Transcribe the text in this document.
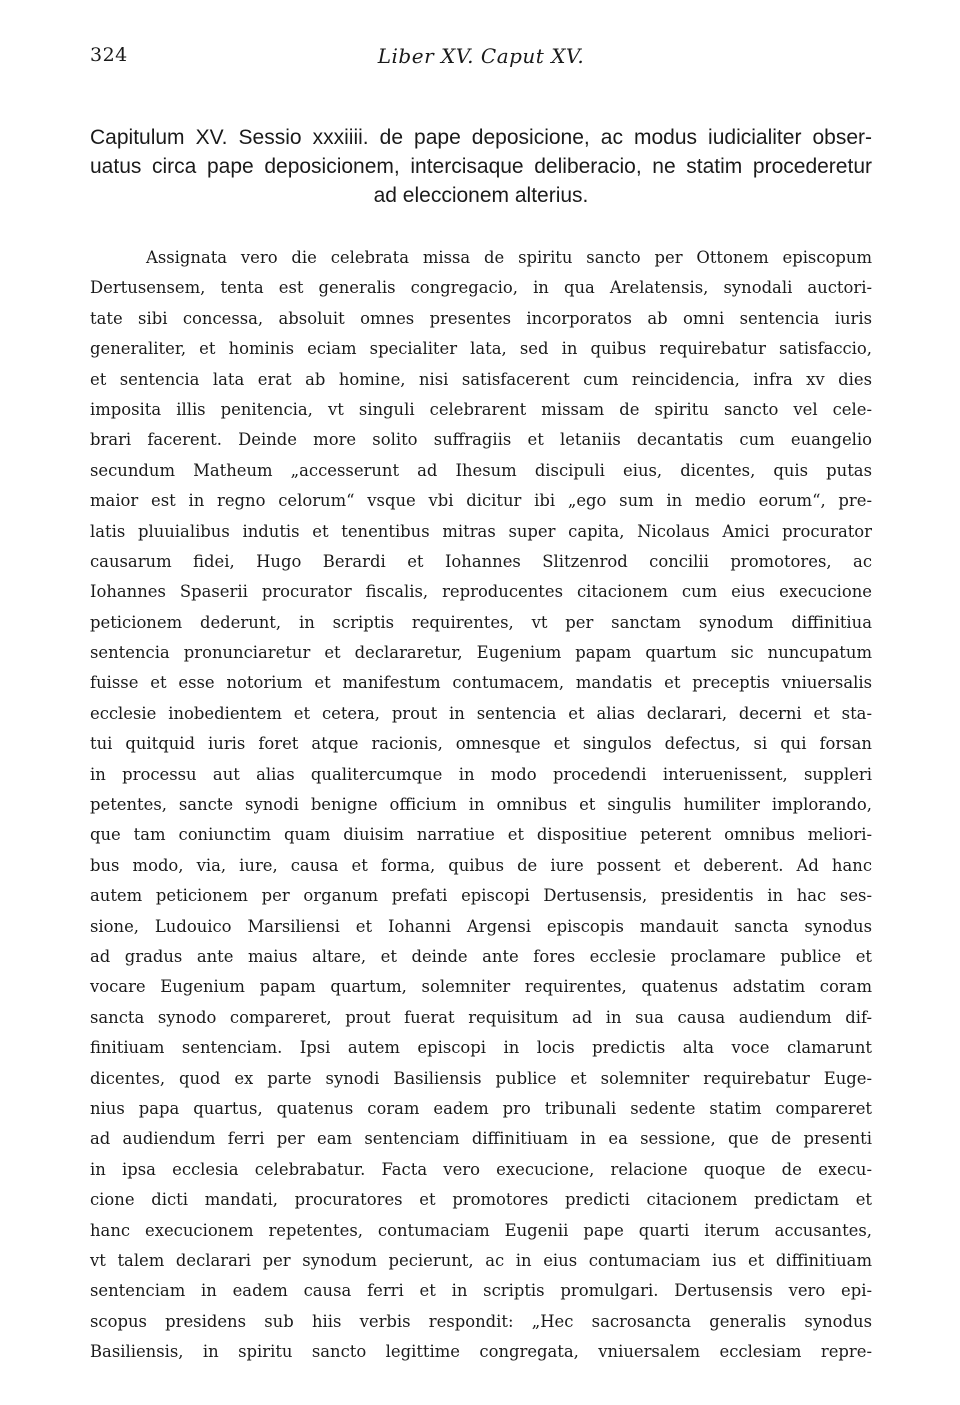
324	Liber XV. Caput XV.
Capitulum XV. Sessio xxxiiii. de pape deposicione, ac modus iudicialiter obser-
uatus circa pape deposicionem, intercisaque deliberacio, ne statim procederetur
ad eleccionem alterius.
Assignata vero die celebrata missa de spiritu sancto per Ottonem episcopum
Dertusensem, tenta est generalis congregacio, in qua Arelatensis, synodali auctori-
tate sibi concessa, absoluit omnes presentes incorporatos ab omni sentencia iuris
generaliter, et hominis eciam specialiter lata, sed in quibus requirebatur satisfaccio,
et sentencia lata erat ab homine, nisi satisfacerent cum reincidencia, infra xv dies
imposita illis penitencia, vt singuli celebrarent missam de spiritu sancto vel cele-
brari facerent. Deinde more solito suffragiis et letaniis decantatis cum euangelio
secundum Matheum „accesserunt ad Ihesum discipuli eius, dicentes, quis putas
maior est in regno celorum“ vsque vbi dicitur ibi „ego sum in medio eorum“, pre-
latis pluuialibus indutis et tenentibus mitras super capita, Nicolaus Amici procurator
causarum fidei, Hugo Berardi et Iohannes Slitzenrod concilii promotores, ac
Iohannes Spaserii procurator fiscalis, reproducentes citacionem cum eius execucione
peticionem dederunt, in scriptis requirentes, vt per sanctam synodum diffinitiua
sentencia pronunciaretur et declararetur, Eugenium papam quartum sic nuncupatum
fuisse et esse notorium et manifestum contumacem, mandatis et preceptis vniuersalis
ecclesie inobedientem et cetera, prout in sentencia et alias declarari, decerni et sta-
tui quitquid iuris foret atque racionis, omnesque et singulos defectus, si qui forsan
in processu aut alias qualitercumque in modo procedendi interuenissent, suppleri
petentes, sancte synodi benigne officium in omnibus et singulis humiliter implorando,
que tam coniunctim quam diuisim narratiue et dispositiue peterent omnibus meliori-
bus modo, via, iure, causa et forma, quibus de iure possent et deberent. Ad hanc
autem peticionem per organum prefati episcopi Dertusensis, presidentis in hac ses-
sione, Ludouico Marsiliensi et Iohanni Argensi episcopis mandauit sancta synodus
ad gradus ante maius altare, et deinde ante fores ecclesie proclamare publice et
vocare Eugenium papam quartum, solemniter requirentes, quatenus adstatim coram
sancta synodo compareret, prout fuerat requisitum ad in sua causa audiendum dif-
finitiuam sentenciam. Ipsi autem episcopi in locis predictis alta voce clamarunt
dicentes, quod ex parte synodi Basiliensis publice et solemniter requirebatur Euge-
nius papa quartus, quatenus coram eadem pro tribunali sedente statim compareret
ad audiendum ferri per eam sentenciam diffinitiuam in ea sessione, que de presenti
in ipsa ecclesia celebrabatur. Facta vero execucione, relacione quoque de execu-
cione dicti mandati, procuratores et promotores predicti citacionem predictam et
hanc execucionem repetentes, contumaciam Eugenii pape quarti iterum accusantes,
vt talem declarari per synodum pecierunt, ac in eius contumaciam ius et diffinitiuam
sentenciam in eadem causa ferri et in scriptis promulgari. Dertusensis vero epi-
scopus presidens sub hiis verbis respondit: „Hec sacrosancta generalis synodus
Basiliensis, in spiritu sancto legittime congregata, vniuersalem ecclesiam repre-
